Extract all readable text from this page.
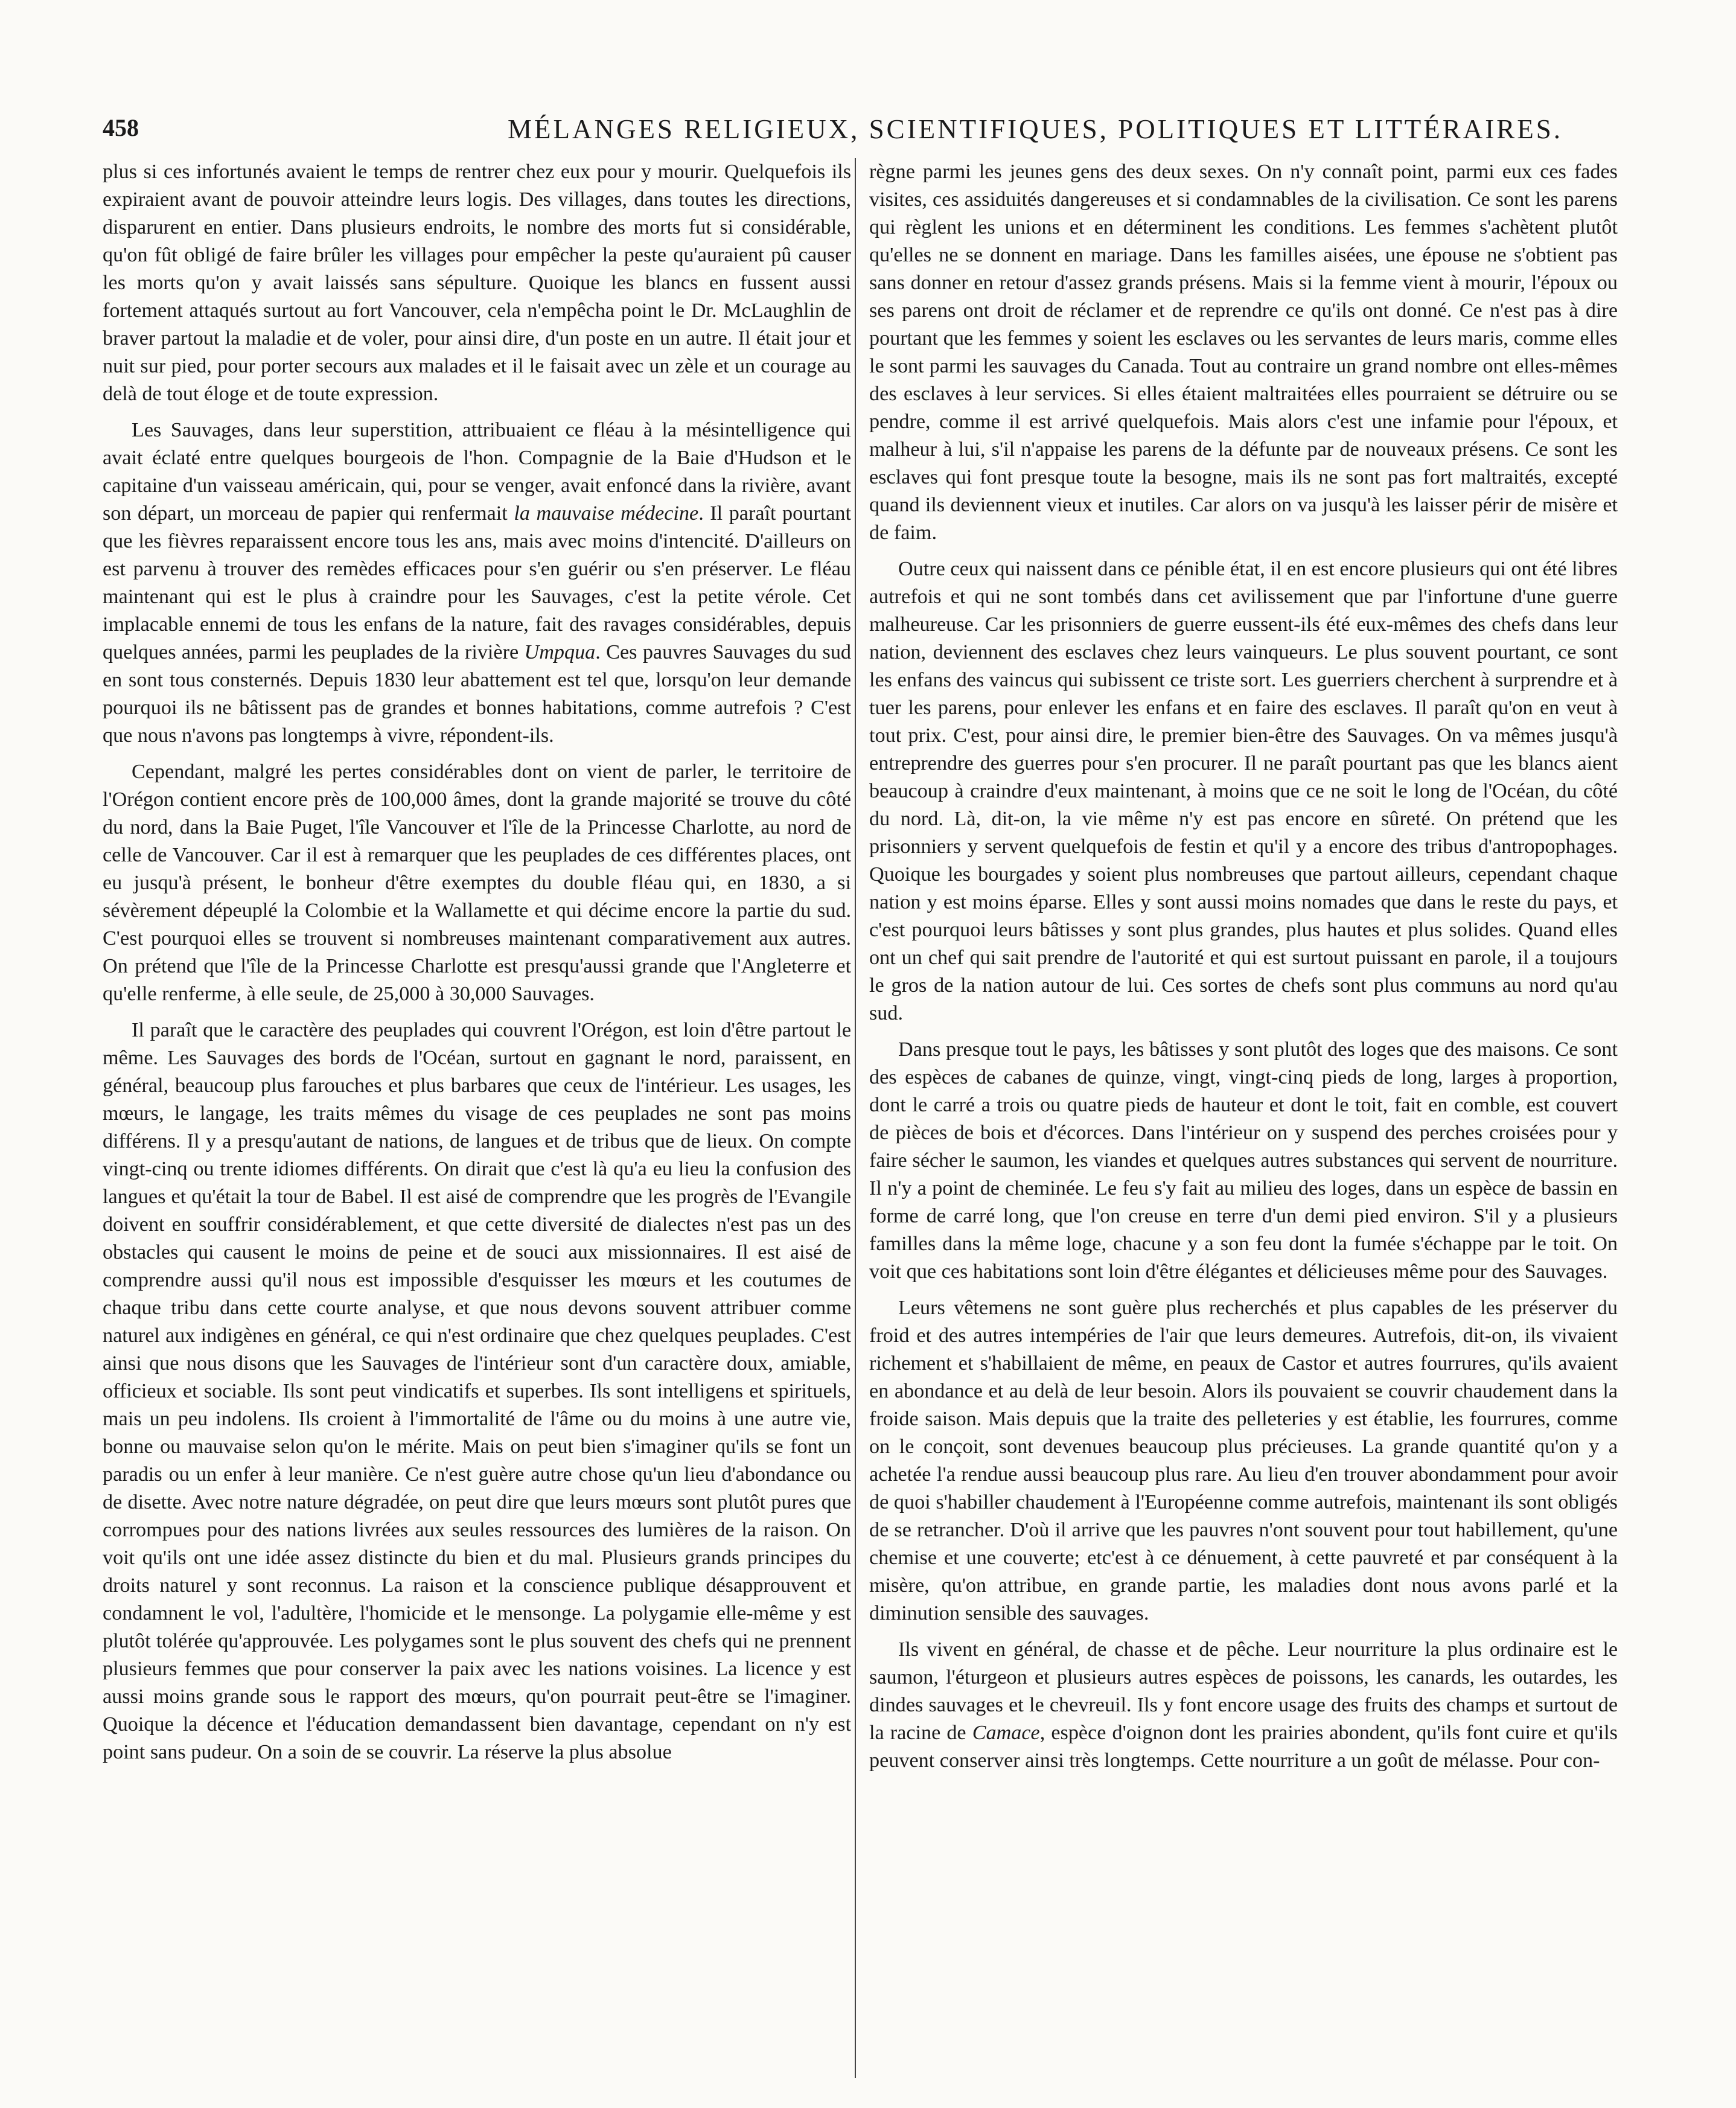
458	MÉLANGES RELIGIEUX, SCIENTIFIQUES, POLITIQUES ET LITTÉRAIRES.

plus si ces infortunés avaient le temps de rentrer chez eux pour y mourir. Quelquefois ils expiraient avant de pouvoir atteindre leurs logis. Des villages, dans toutes les directions, disparurent en entier. Dans plusieurs endroits, le nombre des morts fut si considérable, qu'on fût obligé de faire brûler les villages pour empêcher la peste qu'auraient pû causer les morts qu'on y avait laissés sans sépulture. Quoique les blancs en fussent aussi fortement attaqués surtout au fort Vancouver, cela n'empêcha point le Dr. McLaughlin de braver partout la maladie et de voler, pour ainsi dire, d'un poste en un autre. Il était jour et nuit sur pied, pour porter secours aux malades et il le faisait avec un zèle et un courage au delà de tout éloge et de toute expression.

Les Sauvages, dans leur superstition, attribuaient ce fléau à la mésintelligence qui avait éclaté entre quelques bourgeois de l'hon. Compagnie de la Baie d'Hudson et le capitaine d'un vaisseau américain, qui, pour se venger, avait enfoncé dans la rivière, avant son départ, un morceau de papier qui renfermait la mauvaise médecine. Il paraît pourtant que les fièvres reparaissent encore tous les ans, mais avec moins d'intencité. D'ailleurs on est parvenu à trouver des remèdes efficaces pour s'en guérir ou s'en préserver. Le fléau maintenant qui est le plus à craindre pour les Sauvages, c'est la petite vérole. Cet implacable ennemi de tous les enfans de la nature, fait des ravages considérables, depuis quelques années, parmi les peuplades de la rivière Umpqua. Ces pauvres Sauvages du sud en sont tous consternés. Depuis 1830 leur abattement est tel que, lorsqu'on leur demande pourquoi ils ne bâtissent pas de grandes et bonnes habitations, comme autrefois ? C'est que nous n'avons pas longtemps à vivre, répondent-ils.

Cependant, malgré les pertes considérables dont on vient de parler, le territoire de l'Orégon contient encore près de 100,000 âmes, dont la grande majorité se trouve du côté du nord, dans la Baie Puget, l'île Vancouver et l'île de la Princesse Charlotte, au nord de celle de Vancouver. Car il est à remarquer que les peuplades de ces différentes places, ont eu jusqu'à présent, le bonheur d'être exemptes du double fléau qui, en 1830, a si sévèrement dépeuplé la Colombie et la Wallamette et qui décime encore la partie du sud. C'est pourquoi elles se trouvent si nombreuses maintenant comparativement aux autres. On prétend que l'île de la Princesse Charlotte est presqu'aussi grande que l'Angleterre et qu'elle renferme, à elle seule, de 25,000 à 30,000 Sauvages.

Il paraît que le caractère des peuplades qui couvrent l'Orégon, est loin d'être partout le même. Les Sauvages des bords de l'Océan, surtout en gagnant le nord, paraissent, en général, beaucoup plus farouches et plus barbares que ceux de l'intérieur. Les usages, les mœurs, le langage, les traits mêmes du visage de ces peuplades ne sont pas moins différens. Il y a presqu'autant de nations, de langues et de tribus que de lieux. On compte vingt-cinq ou trente idiomes différents. On dirait que c'est là qu'a eu lieu la confusion des langues et qu'était la tour de Babel. Il est aisé de comprendre que les progrès de l'Evangile doivent en souffrir considérablement, et que cette diversité de dialectes n'est pas un des obstacles qui causent le moins de peine et de souci aux missionnaires. Il est aisé de comprendre aussi qu'il nous est impossible d'esquisser les mœurs et les coutumes de chaque tribu dans cette courte analyse, et que nous devons souvent attribuer comme naturel aux indigènes en général, ce qui n'est ordinaire que chez quelques peuplades. C'est ainsi que nous disons que les Sauvages de l'intérieur sont d'un caractère doux, amiable, officieux et sociable. Ils sont peut vindicatifs et superbes. Ils sont intelligens et spirituels, mais un peu indolens. Ils croient à l'immortalité de l'âme ou du moins à une autre vie, bonne ou mauvaise selon qu'on le mérite. Mais on peut bien s'imaginer qu'ils se font un paradis ou un enfer à leur manière. Ce n'est guère autre chose qu'un lieu d'abondance ou de disette. Avec notre nature dégradée, on peut dire que leurs mœurs sont plutôt pures que corrompues pour des nations livrées aux seules ressources des lumières de la raison. On voit qu'ils ont une idée assez distincte du bien et du mal. Plusieurs grands principes du droits naturel y sont reconnus. La raison et la conscience publique désapprouvent et condamnent le vol, l'adultère, l'homicide et le mensonge. La polygamie elle-même y est plutôt tolérée qu'approuvée. Les polygames sont le plus souvent des chefs qui ne prennent plusieurs femmes que pour conserver la paix avec les nations voisines. La licence y est aussi moins grande sous le rapport des mœurs, qu'on pourrait peut-être se l'imaginer. Quoique la décence et l'éducation demandassent bien davantage, cependant on n'y est point sans pudeur. On a soin de se couvrir. La réserve la plus absolue

règne parmi les jeunes gens des deux sexes. On n'y connaît point, parmi eux ces fades visites, ces assiduités dangereuses et si condamnables de la civilisation. Ce sont les parens qui règlent les unions et en déterminent les conditions. Les femmes s'achètent plutôt qu'elles ne se donnent en mariage. Dans les familles aisées, une épouse ne s'obtient pas sans donner en retour d'assez grands présens. Mais si la femme vient à mourir, l'époux ou ses parens ont droit de réclamer et de reprendre ce qu'ils ont donné. Ce n'est pas à dire pourtant que les femmes y soient les esclaves ou les servantes de leurs maris, comme elles le sont parmi les sauvages du Canada. Tout au contraire un grand nombre ont elles-mêmes des esclaves à leur services. Si elles étaient maltraitées elles pourraient se détruire ou se pendre, comme il est arrivé quelquefois. Mais alors c'est une infamie pour l'époux, et malheur à lui, s'il n'appaise les parens de la défunte par de nouveaux présens. Ce sont les esclaves qui font presque toute la besogne, mais ils ne sont pas fort maltraités, excepté quand ils deviennent vieux et inutiles. Car alors on va jusqu'à les laisser périr de misère et de faim.

Outre ceux qui naissent dans ce pénible état, il en est encore plusieurs qui ont été libres autrefois et qui ne sont tombés dans cet avilissement que par l'infortune d'une guerre malheureuse. Car les prisonniers de guerre eussent-ils été eux-mêmes des chefs dans leur nation, deviennent des esclaves chez leurs vainqueurs. Le plus souvent pourtant, ce sont les enfans des vaincus qui subissent ce triste sort. Les guerriers cherchent à surprendre et à tuer les parens, pour enlever les enfans et en faire des esclaves. Il paraît qu'on en veut à tout prix. C'est, pour ainsi dire, le premier bien-être des Sauvages. On va mêmes jusqu'à entreprendre des guerres pour s'en procurer. Il ne paraît pourtant pas que les blancs aient beaucoup à craindre d'eux maintenant, à moins que ce ne soit le long de l'Océan, du côté du nord. Là, dit-on, la vie même n'y est pas encore en sûreté. On prétend que les prisonniers y servent quelquefois de festin et qu'il y a encore des tribus d'antropophages. Quoique les bourgades y soient plus nombreuses que partout ailleurs, cependant chaque nation y est moins éparse. Elles y sont aussi moins nomades que dans le reste du pays, et c'est pourquoi leurs bâtisses y sont plus grandes, plus hautes et plus solides. Quand elles ont un chef qui sait prendre de l'autorité et qui est surtout puissant en parole, il a toujours le gros de la nation autour de lui. Ces sortes de chefs sont plus communs au nord qu'au sud.

Dans presque tout le pays, les bâtisses y sont plutôt des loges que des maisons. Ce sont des espèces de cabanes de quinze, vingt, vingt-cinq pieds de long, larges à proportion, dont le carré a trois ou quatre pieds de hauteur et dont le toit, fait en comble, est couvert de pièces de bois et d'écorces. Dans l'intérieur on y suspend des perches croisées pour y faire sécher le saumon, les viandes et quelques autres substances qui servent de nourriture. Il n'y a point de cheminée. Le feu s'y fait au milieu des loges, dans un espèce de bassin en forme de carré long, que l'on creuse en terre d'un demi pied environ. S'il y a plusieurs familles dans la même loge, chacune y a son feu dont la fumée s'échappe par le toit. On voit que ces habitations sont loin d'être élégantes et délicieuses même pour des Sauvages.

Leurs vêtemens ne sont guère plus recherchés et plus capables de les préserver du froid et des autres intempéries de l'air que leurs demeures. Autrefois, dit-on, ils vivaient richement et s'habillaient de même, en peaux de Castor et autres fourrures, qu'ils avaient en abondance et au delà de leur besoin. Alors ils pouvaient se couvrir chaudement dans la froide saison. Mais depuis que la traite des pelleteries y est établie, les fourrures, comme on le conçoit, sont devenues beaucoup plus précieuses. La grande quantité qu'on y a achetée l'a rendue aussi beaucoup plus rare. Au lieu d'en trouver abondamment pour avoir de quoi s'habiller chaudement à l'Européenne comme autrefois, maintenant ils sont obligés de se retrancher. D'où il arrive que les pauvres n'ont souvent pour tout habillement, qu'une chemise et une couverte; etc'est à ce dénuement, à cette pauvreté et par conséquent à la misère, qu'on attribue, en grande partie, les maladies dont nous avons parlé et la diminution sensible des sauvages.

Ils vivent en général, de chasse et de pêche. Leur nourriture la plus ordinaire est le saumon, l'éturgeon et plusieurs autres espèces de poissons, les canards, les outardes, les dindes sauvages et le chevreuil. Ils y font encore usage des fruits des champs et surtout de la racine de Camace, espèce d'oignon dont les prairies abondent, qu'ils font cuire et qu'ils peuvent conserver ainsi très longtemps. Cette nourriture a un goût de mélasse. Pour con-
